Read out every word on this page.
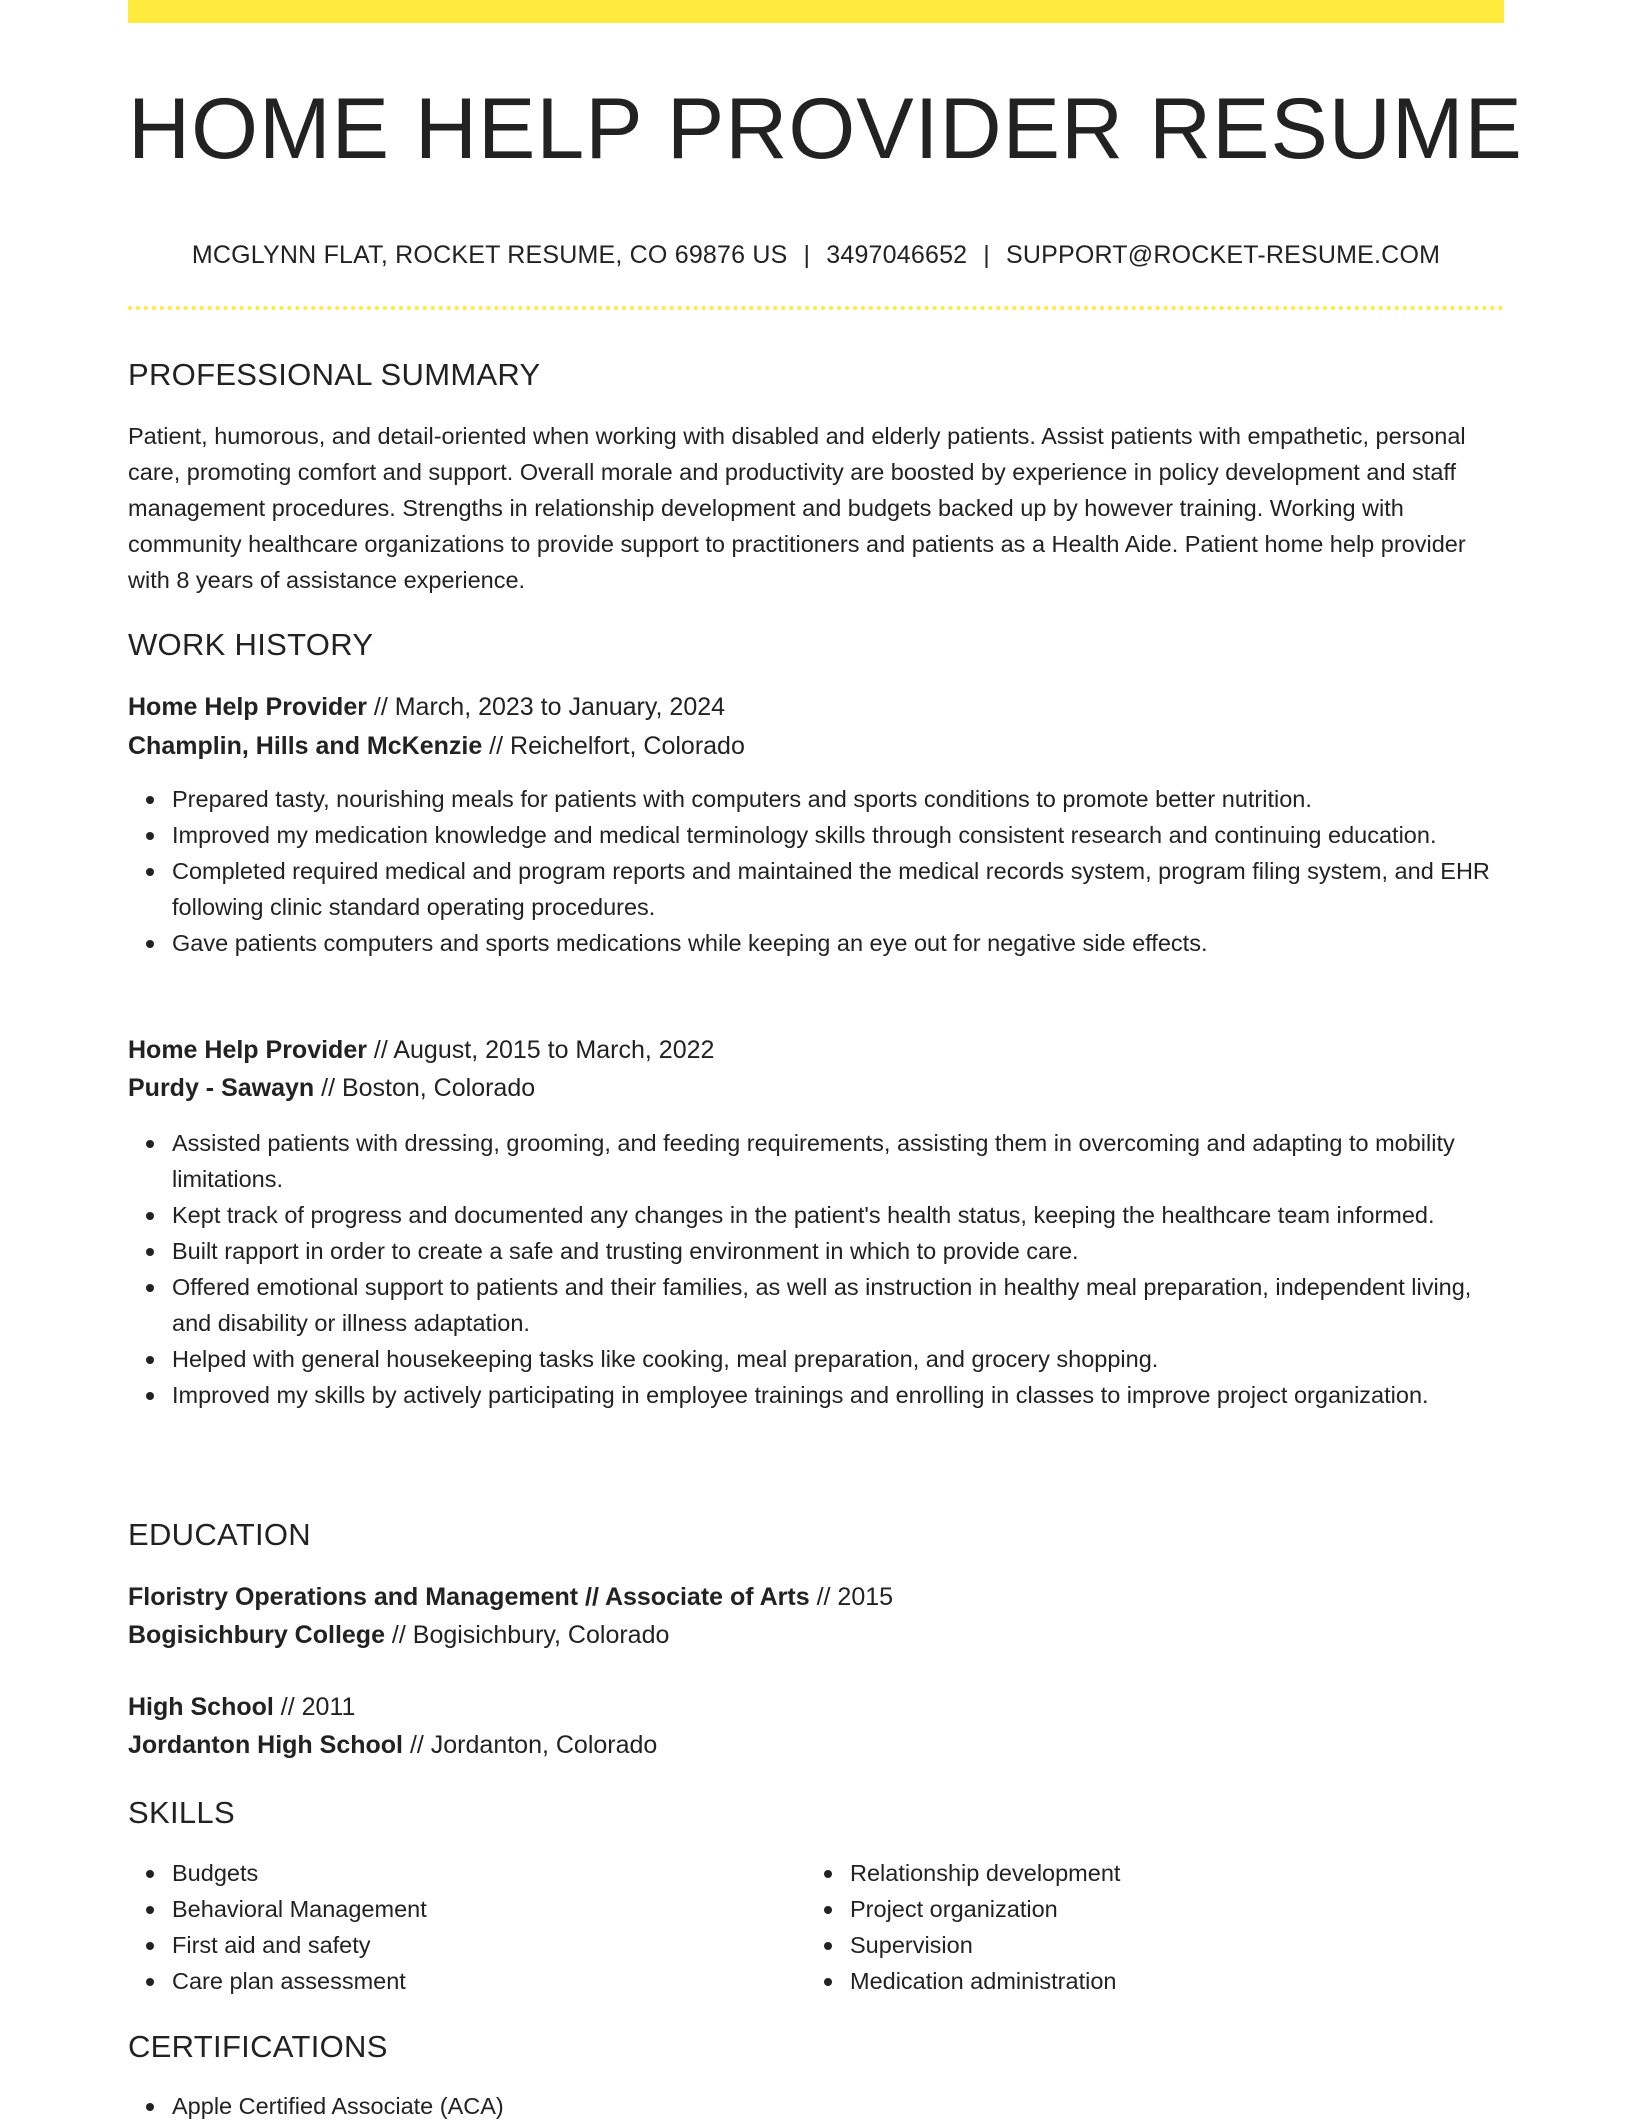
HOME HELP PROVIDER RESUME
MCGLYNN FLAT, ROCKET RESUME, CO 69876 US | 3497046652 | SUPPORT@ROCKET-RESUME.COM
PROFESSIONAL SUMMARY

Patient, humorous, and detail-oriented when working with disabled and elderly patients. Assist patients with empathetic, personal care, promoting comfort and support. Overall morale and productivity are boosted by experience in policy development and staff management procedures. Strengths in relationship development and budgets backed up by however training. Working with community healthcare organizations to provide support to practitioners and patients as a Health Aide. Patient home help provider with 8 years of assistance experience.

WORK HISTORY
Home Help Provider // March, 2023 to January, 2024
Champlin, Hills and McKenzie // Reichelfort, Colorado
Prepared tasty, nourishing meals for patients with computers and sports conditions to promote better nutrition.
Improved my medication knowledge and medical terminology skills through consistent research and continuing education.
Completed required medical and program reports and maintained the medical records system, program filing system, and EHR following clinic standard operating procedures.
Gave patients computers and sports medications while keeping an eye out for negative side effects.
Home Help Provider // August, 2015 to March, 2022
Purdy - Sawayn // Boston, Colorado
Assisted patients with dressing, grooming, and feeding requirements, assisting them in overcoming and adapting to mobility limitations.
Kept track of progress and documented any changes in the patient's health status, keeping the healthcare team informed.
Built rapport in order to create a safe and trusting environment in which to provide care.
Offered emotional support to patients and their families, as well as instruction in healthy meal preparation, independent living, and disability or illness adaptation.
Helped with general housekeeping tasks like cooking, meal preparation, and grocery shopping.
Improved my skills by actively participating in employee trainings and enrolling in classes to improve project organization.
EDUCATION
Floristry Operations and Management // Associate of Arts // 2015
Bogisichbury College // Bogisichbury, Colorado
High School // 2011
Jordanton High School // Jordanton, Colorado
SKILLS
Budgets
Behavioral Management
First aid and safety
Care plan assessment
Relationship development
Project organization
Supervision
Medication administration
CERTIFICATIONS
Apple Certified Associate (ACA)
